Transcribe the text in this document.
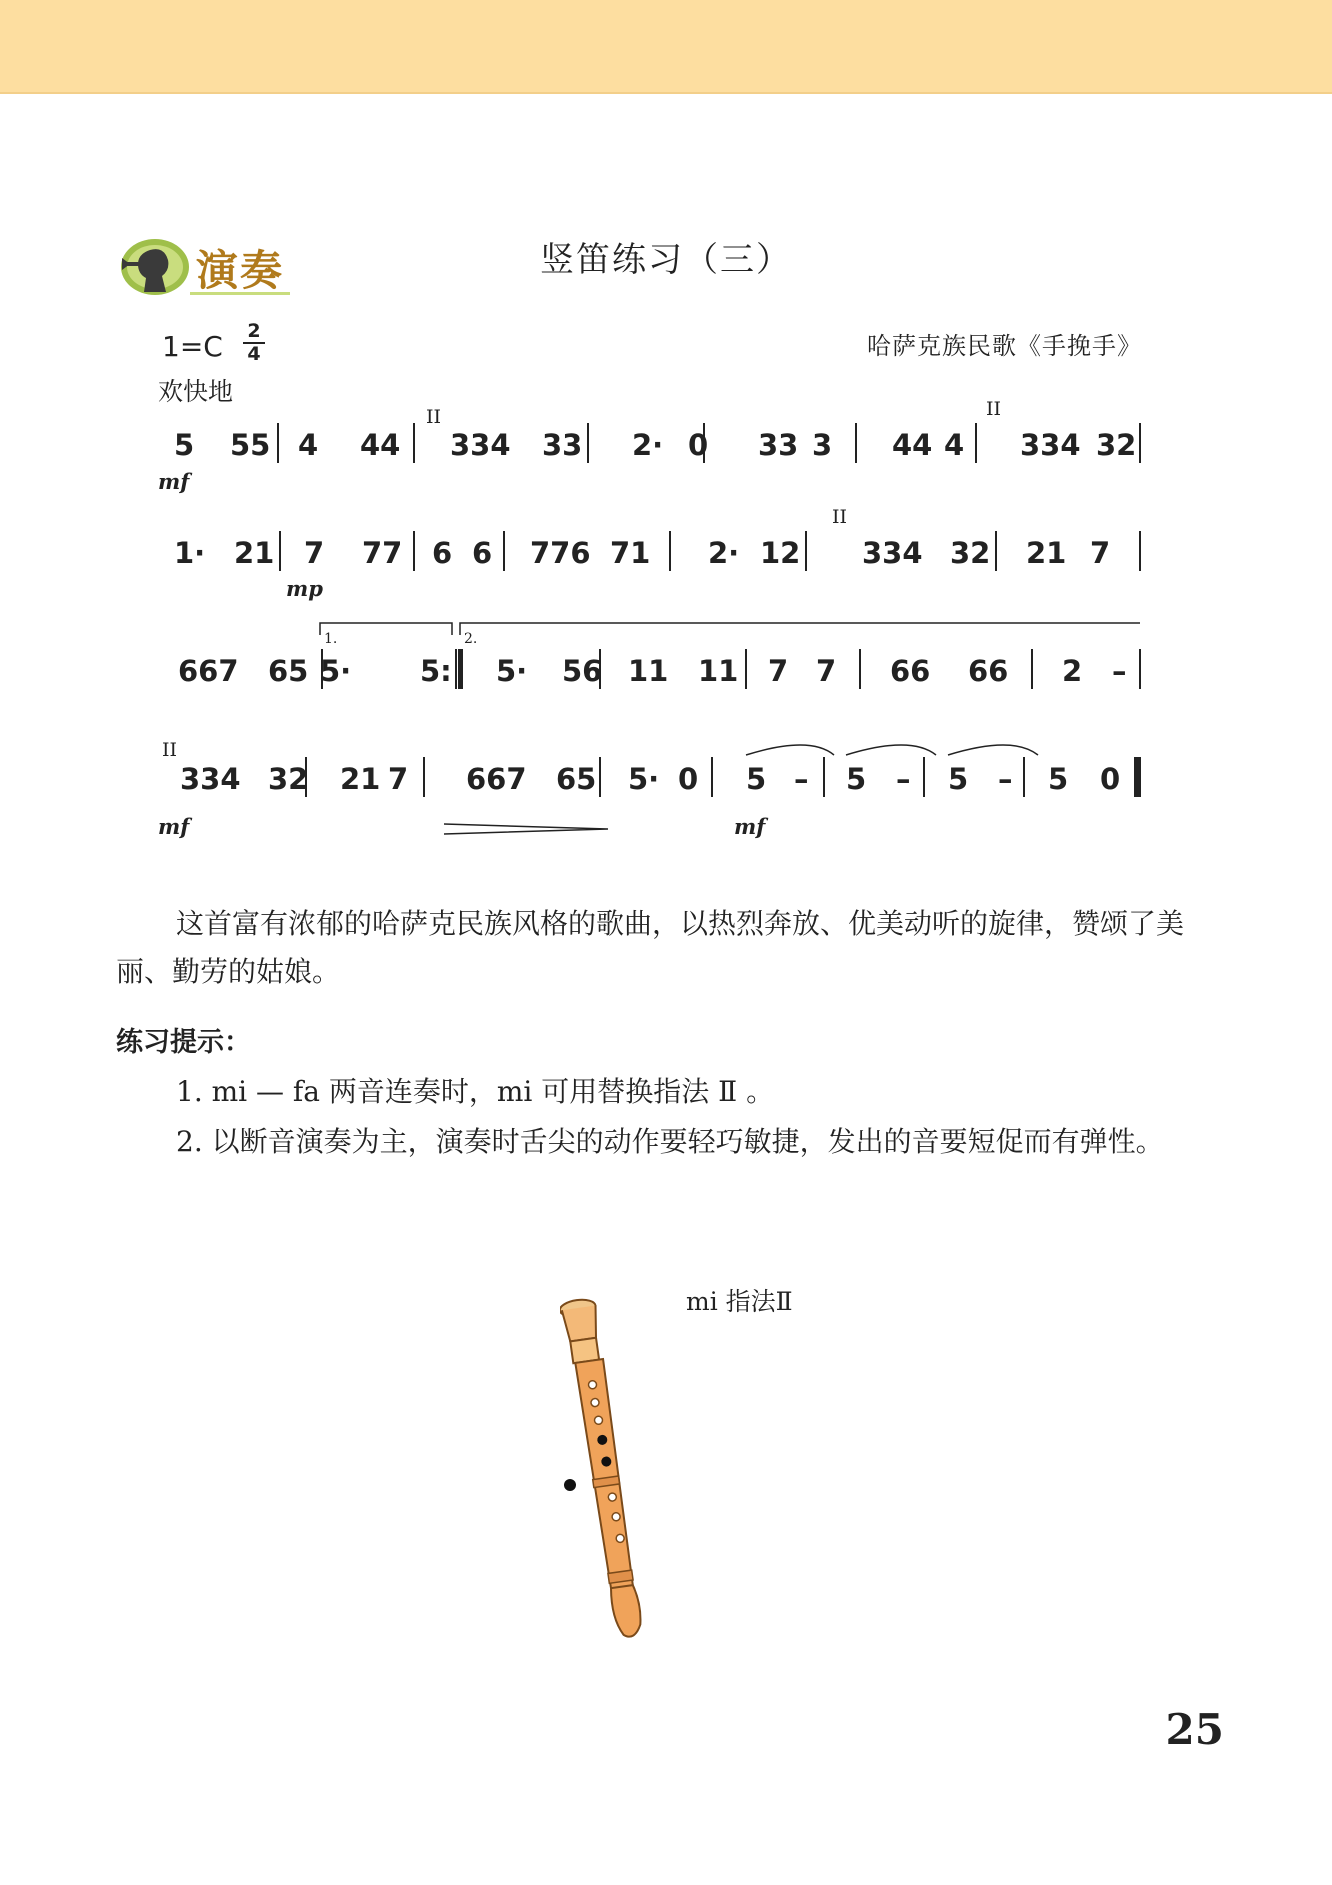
演奏	竖笛练习（三）
1=C 2
4
欢快地
哈萨克族民歌《手挽手》
5 55 4 44 334 33 2· 0 33 3 44 4 334 32
1· 21 7 77 6 6 776 71 2· 12 334 32 21 7
667 65 5· 5: 5· 56 11 11 7 7 66 66 2 –
334 32 21 7 667 65 5· 0 5 – 5 – 5 – 5 0
mf
mp
mf	mf
II	II
II
II
1.	2.
这首富有浓郁的哈萨克民族风格的歌曲，以热烈奔放、优美动听的旋律，赞颂了美丽、勤劳的姑娘。
练习提示：
1. mi — fa 两音连奏时，mi 可用替换指法 Ⅱ 。
2. 以断音演奏为主，演奏时舌尖的动作要轻巧敏捷，发出的音要短促而有弹性。
mi 指法Ⅱ
25
